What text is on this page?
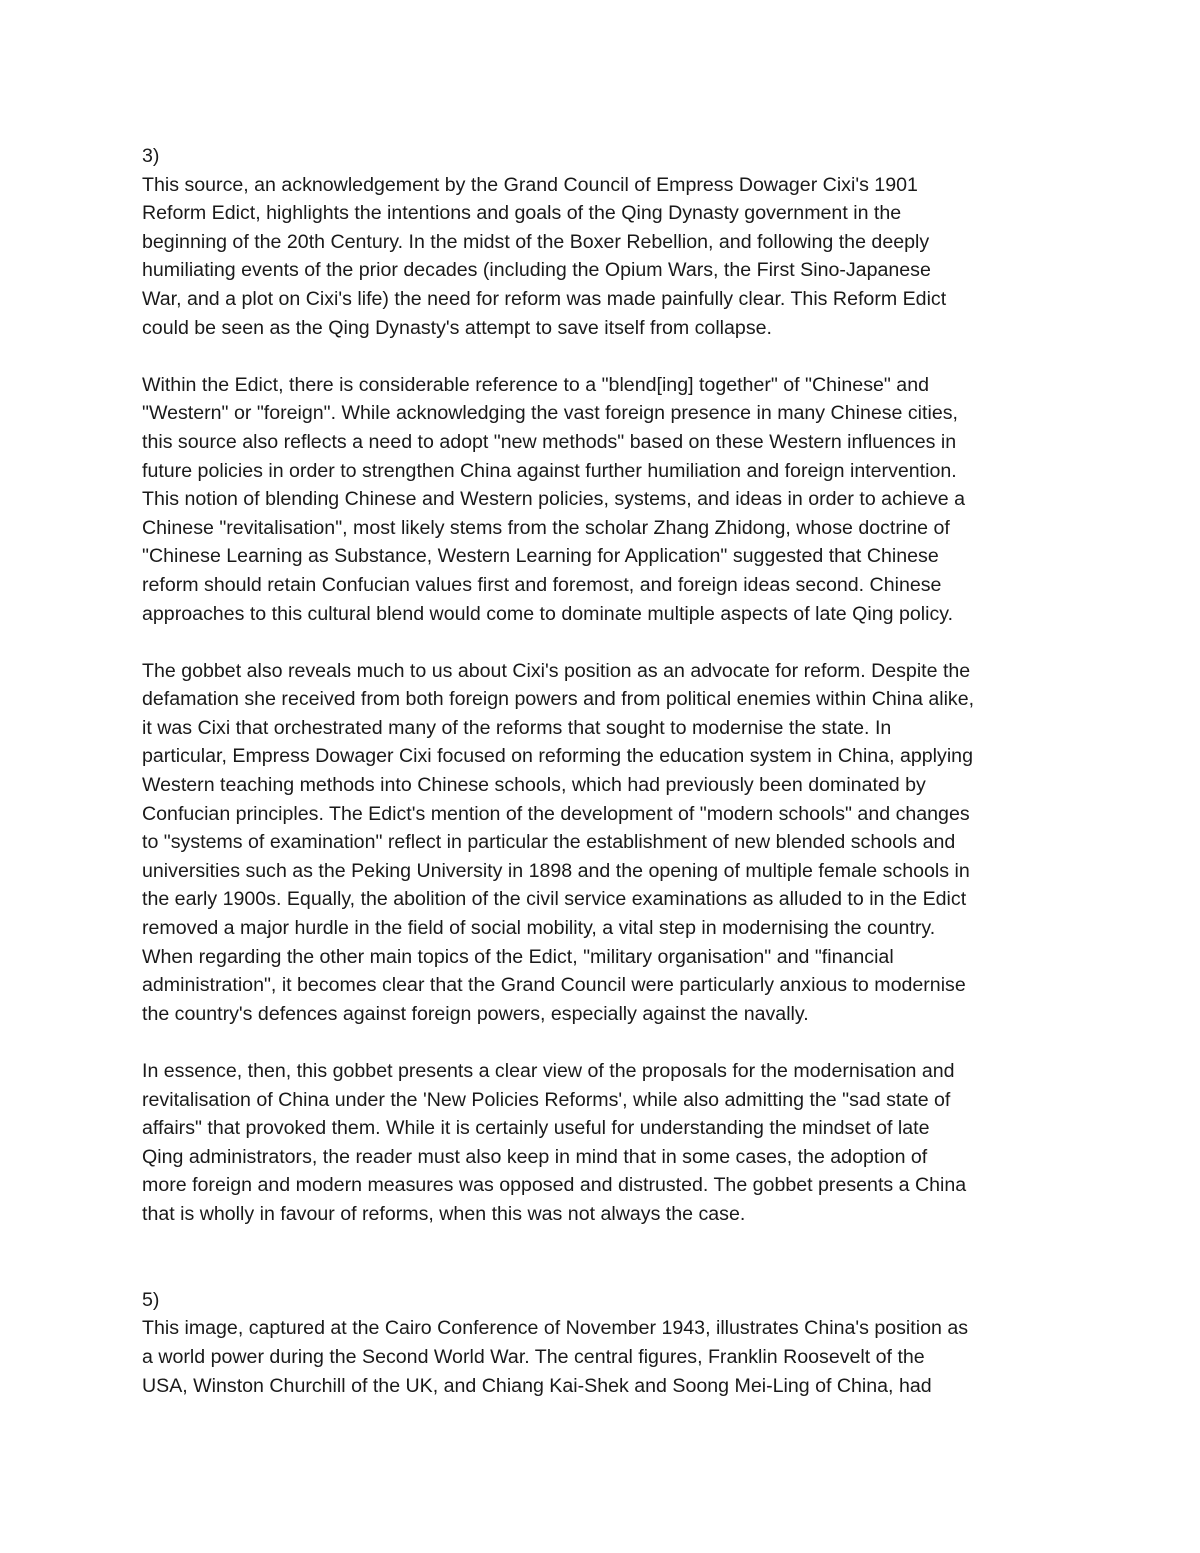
3)
This source, an acknowledgement by the Grand Council of Empress Dowager Cixi's 1901
Reform Edict, highlights the intentions and goals of the Qing Dynasty government in the
beginning of the 20th Century. In the midst of the Boxer Rebellion, and following the deeply
humiliating events of the prior decades (including the Opium Wars, the First Sino-Japanese
War, and a plot on Cixi's life) the need for reform was made painfully clear. This Reform Edict
could be seen as the Qing Dynasty's attempt to save itself from collapse.
Within the Edict, there is considerable reference to a "blend[ing] together" of "Chinese" and
"Western" or "foreign". While acknowledging the vast foreign presence in many Chinese cities,
this source also reflects a need to adopt "new methods" based on these Western influences in
future policies in order to strengthen China against further humiliation and foreign intervention.
This notion of blending Chinese and Western policies, systems, and ideas in order to achieve a
Chinese "revitalisation", most likely stems from the scholar Zhang Zhidong, whose doctrine of
"Chinese Learning as Substance, Western Learning for Application" suggested that Chinese
reform should retain Confucian values first and foremost, and foreign ideas second. Chinese
approaches to this cultural blend would come to dominate multiple aspects of late Qing policy.
The gobbet also reveals much to us about Cixi's position as an advocate for reform. Despite the
defamation she received from both foreign powers and from political enemies within China alike,
it was Cixi that orchestrated many of the reforms that sought to modernise the state. In
particular, Empress Dowager Cixi focused on reforming the education system in China, applying
Western teaching methods into Chinese schools, which had previously been dominated by
Confucian principles. The Edict's mention of the development of "modern schools" and changes
to "systems of examination" reflect in particular the establishment of new blended schools and
universities such as the Peking University in 1898 and the opening of multiple female schools in
the early 1900s. Equally, the abolition of the civil service examinations as alluded to in the Edict
removed a major hurdle in the field of social mobility, a vital step in modernising the country.
When regarding the other main topics of the Edict, "military organisation" and "financial
administration", it becomes clear that the Grand Council were particularly anxious to modernise
the country's defences against foreign powers, especially against the navally.
In essence, then, this gobbet presents a clear view of the proposals for the modernisation and
revitalisation of China under the 'New Policies Reforms', while also admitting the "sad state of
affairs" that provoked them. While it is certainly useful for understanding the mindset of late
Qing administrators, the reader must also keep in mind that in some cases, the adoption of
more foreign and modern measures was opposed and distrusted. The gobbet presents a China
that is wholly in favour of reforms, when this was not always the case.
5)
This image, captured at the Cairo Conference of November 1943, illustrates China's position as
a world power during the Second World War. The central figures, Franklin Roosevelt of the
USA, Winston Churchill of the UK, and Chiang Kai-Shek and Soong Mei-Ling of China, had
